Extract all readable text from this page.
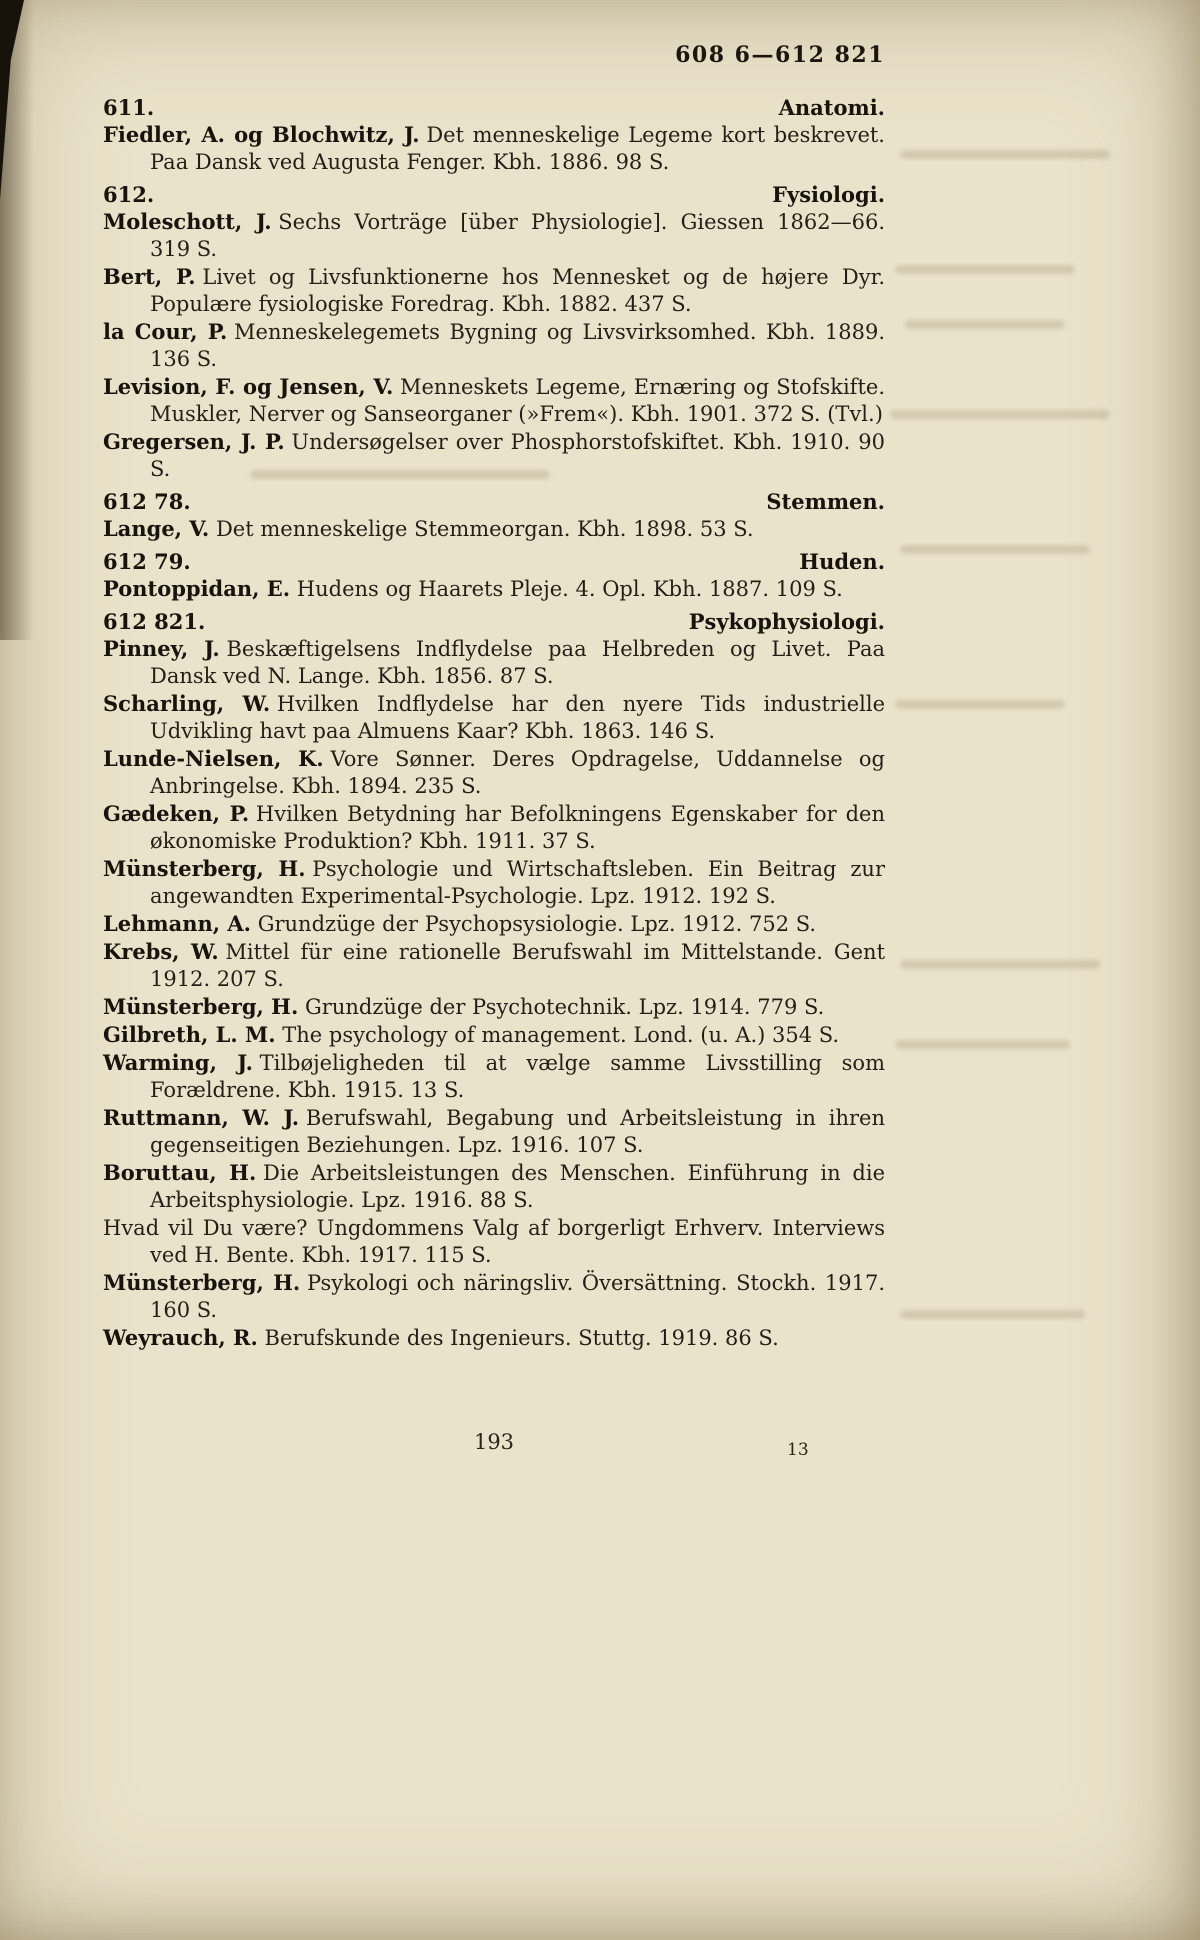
608 6—612 821
611.	Anatomi.

Fiedler, A. og Blochwitz, J. Det menneskelige Legeme kort beskrevet. Paa Dansk ved Augusta Fenger. Kbh. 1886. 98 S.

612.	Fysiologi.

Moleschott, J. Sechs Vorträge [über Physiologie]. Giessen 1862—66. 319 S.

Bert, P. Livet og Livsfunktionerne hos Mennesket og de højere Dyr. Populære fysiologiske Foredrag. Kbh. 1882. 437 S.

la Cour, P. Menneskelegemets Bygning og Livsvirksomhed. Kbh. 1889. 136 S.

Levision, F. og Jensen, V. Menneskets Legeme, Ernæring og Stofskifte. Muskler, Nerver og Sanseorganer (»Frem«). Kbh. 1901. 372 S. (Tvl.)

Gregersen, J. P. Undersøgelser over Phosphorstofskiftet. Kbh. 1910. 90 S.

612 78.	Stemmen.

Lange, V. Det menneskelige Stemmeorgan. Kbh. 1898. 53 S.

612 79.	Huden.

Pontoppidan, E. Hudens og Haarets Pleje. 4. Opl. Kbh. 1887. 109 S.

612 821.	Psykophysiologi.

Pinney, J. Beskæftigelsens Indflydelse paa Helbreden og Livet. Paa Dansk ved N. Lange. Kbh. 1856. 87 S.

Scharling, W. Hvilken Indflydelse har den nyere Tids industrielle Udvikling havt paa Almuens Kaar? Kbh. 1863. 146 S.

Lunde-Nielsen, K. Vore Sønner. Deres Opdragelse, Uddannelse og Anbringelse. Kbh. 1894. 235 S.

Gædeken, P. Hvilken Betydning har Befolkningens Egenskaber for den økonomiske Produktion? Kbh. 1911. 37 S.

Münsterberg, H. Psychologie und Wirtschaftsleben. Ein Beitrag zur angewandten Experimental-Psychologie. Lpz. 1912. 192 S.

Lehmann, A. Grundzüge der Psychopsysiologie. Lpz. 1912. 752 S.

Krebs, W. Mittel für eine rationelle Berufswahl im Mittelstande. Gent 1912. 207 S.

Münsterberg, H. Grundzüge der Psychotechnik. Lpz. 1914. 779 S.

Gilbreth, L. M. The psychology of management. Lond. (u. A.) 354 S.

Warming, J. Tilbøjeligheden til at vælge samme Livsstilling som Forældrene. Kbh. 1915. 13 S.

Ruttmann, W. J. Berufswahl, Begabung und Arbeitsleistung in ihren gegenseitigen Beziehungen. Lpz. 1916. 107 S.

Boruttau, H. Die Arbeitsleistungen des Menschen. Einführung in die Arbeitsphysiologie. Lpz. 1916. 88 S.

Hvad vil Du være? Ungdommens Valg af borgerligt Erhverv. Interviews ved H. Bente. Kbh. 1917. 115 S.

Münsterberg, H. Psykologi och näringsliv. Översättning. Stockh. 1917. 160 S.

Weyrauch, R. Berufskunde des Ingenieurs. Stuttg. 1919. 86 S.

193	13
